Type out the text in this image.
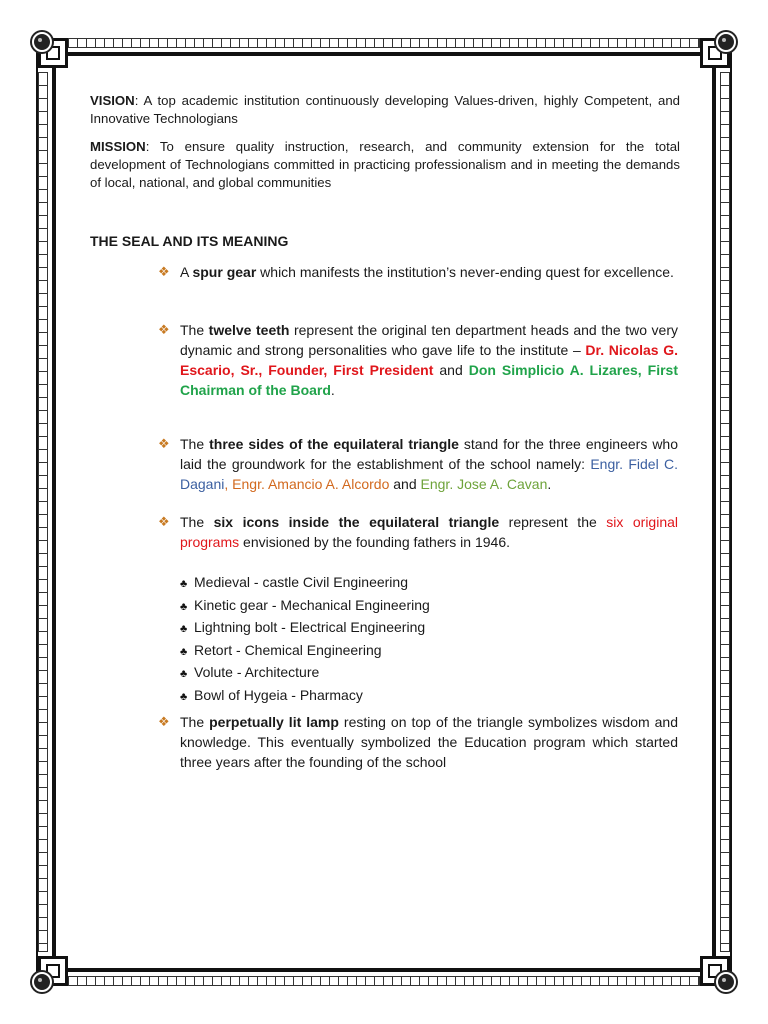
VISION: A top academic institution continuously developing Values-driven, highly Competent, and Innovative Technologians

MISSION: To ensure quality instruction, research, and community extension for the total development of Technologians committed in practicing professionalism and in meeting the demands of local, national, and global communities

THE SEAL AND ITS MEANING

❖ A spur gear which manifests the institution’s never-ending quest for excellence.

❖ The twelve teeth represent the original ten department heads and the two very dynamic and strong personalities who gave life to the institute – Dr. Nicolas G. Escario, Sr., Founder, First President and Don Simplicio A. Lizares, First Chairman of the Board.

❖ The three sides of the equilateral triangle stand for the three engineers who laid the groundwork for the establishment of the school namely: Engr. Fidel C. Dagani, Engr. Amancio A. Alcordo and Engr. Jose A. Cavan.

❖ The six icons inside the equilateral triangle represent the six original programs envisioned by the founding fathers in 1946.

❖ The perpetually lit lamp resting on top of the triangle symbolizes wisdom and knowledge. This eventually symbolized the Education program which started three years after the founding of the school

♣ Medieval - castle Civil Engineering

♣ Kinetic gear - Mechanical Engineering

♣ Lightning bolt - Electrical Engineering

♣ Retort - Chemical Engineering

♣ Volute - Architecture

♣ Bowl of Hygeia - Pharmacy
